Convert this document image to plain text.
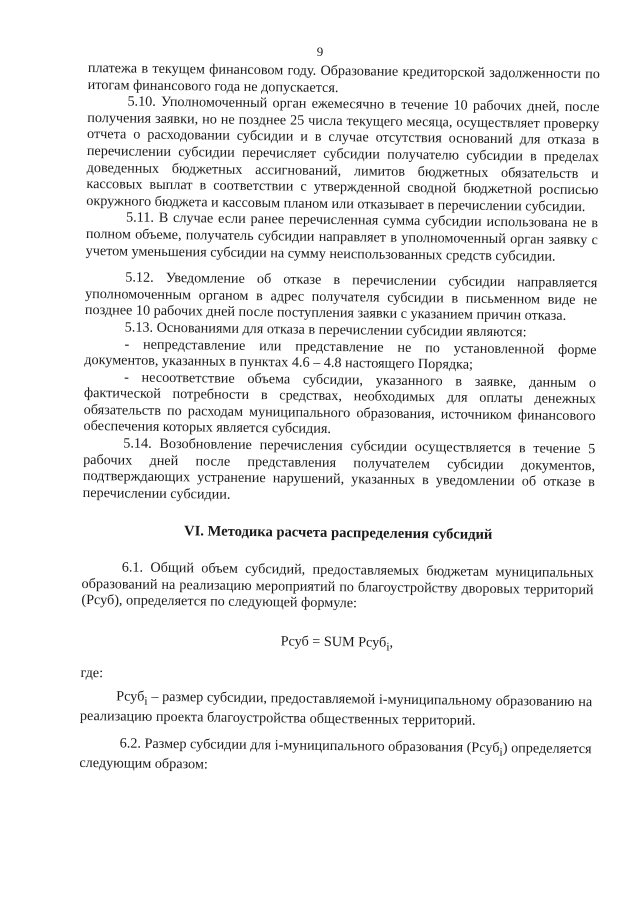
9

платежа в текущем финансовом году. Образование кредиторской задолженности по итогам финансового года не допускается.

5.10. Уполномоченный орган ежемесячно в течение 10 рабочих дней, после получения заявки, но не позднее 25 числа текущего месяца, осуществляет проверку отчета о расходовании субсидии и в случае отсутствия оснований для отказа в перечислении субсидии перечисляет субсидии получателю субсидии в пределах доведенных бюджетных ассигнований, лимитов бюджетных обязательств и кассовых выплат в соответствии с утвержденной сводной бюджетной росписью окружного бюджета и кассовым планом или отказывает в перечислении субсидии.

5.11. В случае если ранее перечисленная сумма субсидии использована не в полном объеме, получатель субсидии направляет в уполномоченный орган заявку с учетом уменьшения субсидии на сумму неиспользованных средств субсидии.

5.12. Уведомление об отказе в перечислении субсидии направляется уполномоченным органом в адрес получателя субсидии в письменном виде не позднее 10 рабочих дней после поступления заявки с указанием причин отказа.

5.13. Основаниями для отказа в перечислении субсидии являются:

- непредставление или представление не по установленной форме документов, указанных в пунктах 4.6 – 4.8 настоящего Порядка;

- несоответствие объема субсидии, указанного в заявке, данным о фактической потребности в средствах, необходимых для оплаты денежных обязательств по расходам муниципального образования, источником финансового обеспечения которых является субсидия.

5.14. Возобновление перечисления субсидии осуществляется в течение 5 рабочих дней после представления получателем субсидии документов, подтверждающих устранение нарушений, указанных в уведомлении об отказе в перечислении субсидии.

VI. Методика расчета распределения субсидий

6.1. Общий объем субсидий, предоставляемых бюджетам муниципальных образований на реализацию мероприятий по благоустройству дворовых территорий (Рсуб), определяется по следующей формуле:

Рсуб = SUM Рсуб$_i$,

где:

Рсуб$_i$ – размер субсидии, предоставляемой i-муниципальному образованию на реализацию проекта благоустройства общественных территорий.

6.2. Размер субсидии для i-муниципального образования (Рсуб$_i$) определяется следующим образом:
